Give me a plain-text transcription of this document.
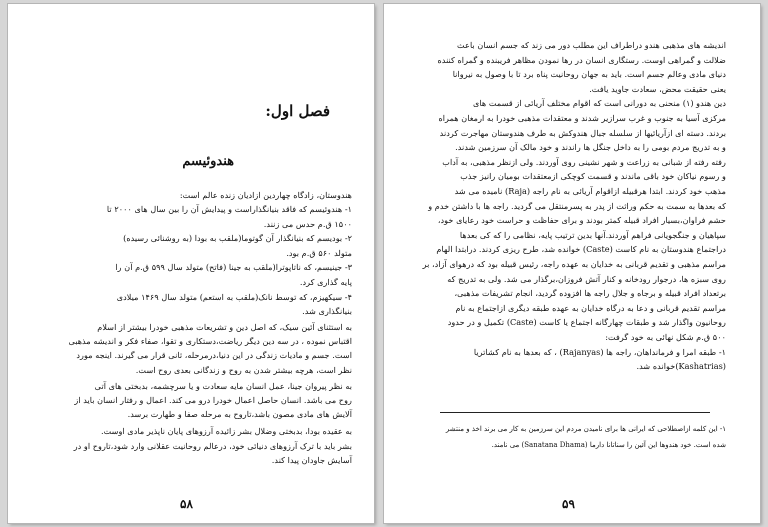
فصل اول:
هندوئیسم
هندوستان، زادگاه چهاردین ازادیان زنده عالم است:
۱- هندوئیسم که فاقد بنیانگذاراست و پیدایش آن را بین سال های ۲۰۰۰ تا
۱۵۰۰ ق.م حدس می زنند.
۲- بودیسم که بنیانگذار آن گوتوما(ملقب به بودا (به روشنائی رسیده)
متولد ۵۶۰ ق.م بود.
۳- جینیسم، که ناتاپوترا(ملقب به جینا (فاتح) متولد سال ۵۹۹ ق.م آن را
پایه گذاری کرد.
۴- سیکهیزم، که توسط نانک(ملقب به استعم) متولد سال ۱۴۶۹ میلادی
بنیانگذاری شد.
به استثنای آئین سیک، که اصل دین و تشریعات مذهبی خودرا بیشتر از اسلام
اقتباس نموده ، در سه دین دیگر ریاضت،دستکاری و تقوا، صفاء فکر و اندیشه مذهبی
است. جسم و مادیات زندگی در این دنیا،درمرحله، ثانی قرار می گیرند. اینجه مورد
نظر است، هرچه بیشتر شدن به روح و زندگانی بعدی روح است.
به نظر پیروان جینا، عمل انسان مایه سعادت و یا سرچشمه، بدبختی های آتی
روح می باشد. انسان حاصل اعمال خودرا درو می کند. اعمال و رفتار انسان باید از
آلایش های مادی مصون باشد،تاروح به مرحله صفا و طهارت برسد.
به عقیده بودا، بدبختی وضلال بشر زائیده آرزوهای پایان ناپذیر مادی اوست.
بشر باید با ترک آرزوهای دنیائی خود، درعالم روحانیت عقلانی وارد شود،تاروح او در
آسایش جاودان پیدا کند.
۵۸
اندیشه های مذهبی هندو دراطراف این مطلب دور می زند که جسم انسان باعث
ضلالت و گمراهی اوست. رستگاری انسان در رها نمودن مظاهر فریبنده و گمراه کننده
دنیای مادی وعالم جسم است. باید به جهان روحانیت پناه برد تا با وصول به نیروانا
یعنی حقیقت محض، سعادت جاوید یافت.
دین هندو (۱) منحنی به دورانی است که اقوام مختلف آریائی از قسمت های
مرکزی آسیا به جنوب و غرب سرازیر شدند و معتقدات مذهبی خودرا به ارمغان همراه
بردند. دسته ای ازآریائیها از سلسله جبال هندوکش به طرف هندوستان مهاجرت کردند
و به تدریج مردم بومی را به داخل جنگل ها راندند و خود مالک آن سرزمین شدند.
رفته رفته از شبانی به زراعت و شهر نشینی روی آوردند. ولی ازنظر مذهبی، به آداب
و رسوم نیاکان خود باقی ماندند و قسمت کوچکی ازمعتقدات بومیان رانیز جذب
مذهب خود کردند. ابتدا هرقبیله ازاقوام آریائی به نام راجه (Raja) نامیده می شد
که بعدها به سمت به حکم وراثت از پدر به پسرمنتقل می گردید. راجه ها با داشتن خدم و
حشم فراوان،بسیار افراد قبیله کمتر بودند و برای حفاظت و حراست خود رعایای خود،
سپاهیان و جنگجویانی فراهم آوردند.آنها بدین ترتیب پایه، نظامی را که کی بعدها
دراجتماع هندوستان به نام کاست (Caste) خوانده شد، طرح ریزی کردند. درابتدا الهام
مراسم مذهبی و تقدیم قربانی به خدایان به عهده راجه، رئیس قبیله بود که درهوای آزاد، بر
روی سبزه ها، درجوار رودخانه و کنار آتش فروزان،برگذار می شد. ولی به تدریج که
برتعداد افراد قبیله و برجاه و جلال راجه ها افزوده گردید، انجام تشریفات مذهبی،
مراسم تقدیم قربانی و دعا به درگاه خدایان به عهده طبقه دیگری ازاجتماع به نام
روحانیون واگذار شد و طبقات چهارگانه اجتماع یا کاست (Caste) تکمیل و در حدود
۵۰۰ ق.م شکل نهائی به خود گرفت:
۱- طبقه امرا و فرمانداهان، راجه ها (Rajanyas) ، که بعدها به نام کشاتریا
(Kashatrias)خوانده شد.
۱- این کلمه ازاصطلاحی که ایرانی ها برای نامیدن مردم این سرزمین به کار می برند اخذ و منتشر
شده است. خود هندوها این آئین را سناتانا دارما (Sanatana Dhama) می نامند.
۵۹
